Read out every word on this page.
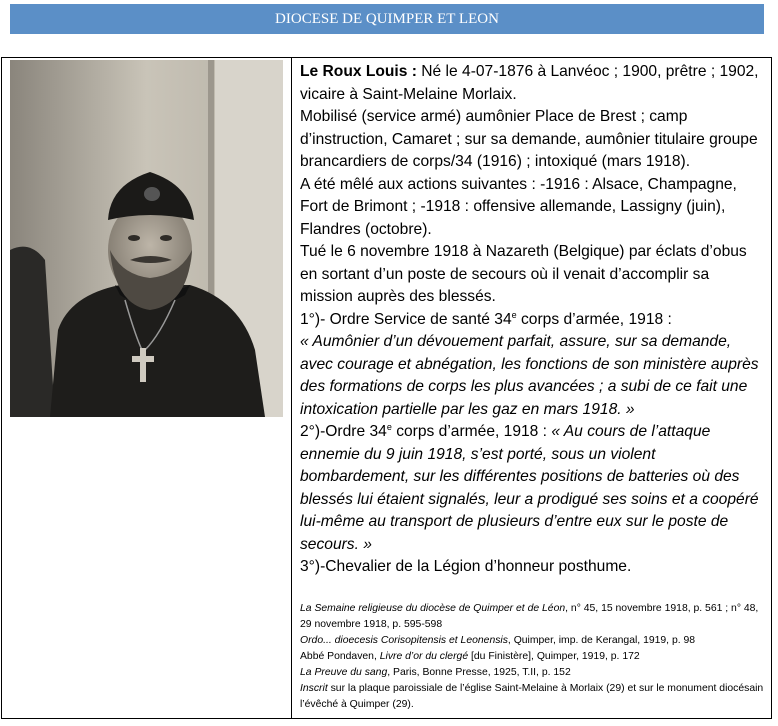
DIOCESE DE QUIMPER ET LEON

Le Roux Louis : Né le 4-07-1876 à Lanvéoc ; 1900, prêtre ; 1902, vicaire à Saint-Melaine Morlaix.

Mobilisé (service armé) aumônier Place de Brest ; camp d’instruction, Camaret ; sur sa demande, aumônier titulaire groupe brancardiers de corps/34 (1916) ; intoxiqué (mars 1918).

A été mêlé aux actions suivantes : -1916 : Alsace, Champagne, Fort de Brimont ; -1918 : offensive allemande, Lassigny (juin), Flandres (octobre).

Tué le 6 novembre 1918 à Nazareth (Belgique) par éclats d’obus en sortant d’un poste de secours où il venait d’accomplir sa mission auprès des blessés.

1°)- Ordre Service de santé 34e corps d’armée, 1918 :

« Aumônier d’un dévouement parfait, assure, sur sa demande, avec courage et abnégation, les fonctions de son ministère auprès des formations de corps les plus avancées ; a subi de ce fait une intoxication partielle par les gaz en mars 1918. »

2°)-Ordre 34e corps d’armée, 1918 : « Au cours de l’attaque ennemie du 9 juin 1918, s’est porté, sous un violent bombardement, sur les différentes positions de batteries où des blessés lui étaient signalés, leur a prodigué ses soins et a coopéré lui-même au transport de plusieurs d’entre eux sur le poste de secours. »

3°)-Chevalier de la Légion d’honneur posthume.

La Semaine religieuse du diocèse de Quimper et de Léon, n° 45, 15 novembre 1918, p. 561 ; n° 48, 29 novembre 1918, p. 595-598

Ordo... dioecesis Corisopitensis et Leonensis, Quimper, imp. de Kerangal, 1919, p. 98

Abbé Pondaven, Livre d’or du clergé [du Finistère], Quimper, 1919, p. 172

La Preuve du sang, Paris, Bonne Presse, 1925, T.II, p. 152

Inscrit sur la plaque paroissiale de l’église Saint-Melaine à Morlaix (29) et sur le monument diocésain l’évêché à Quimper (29).
